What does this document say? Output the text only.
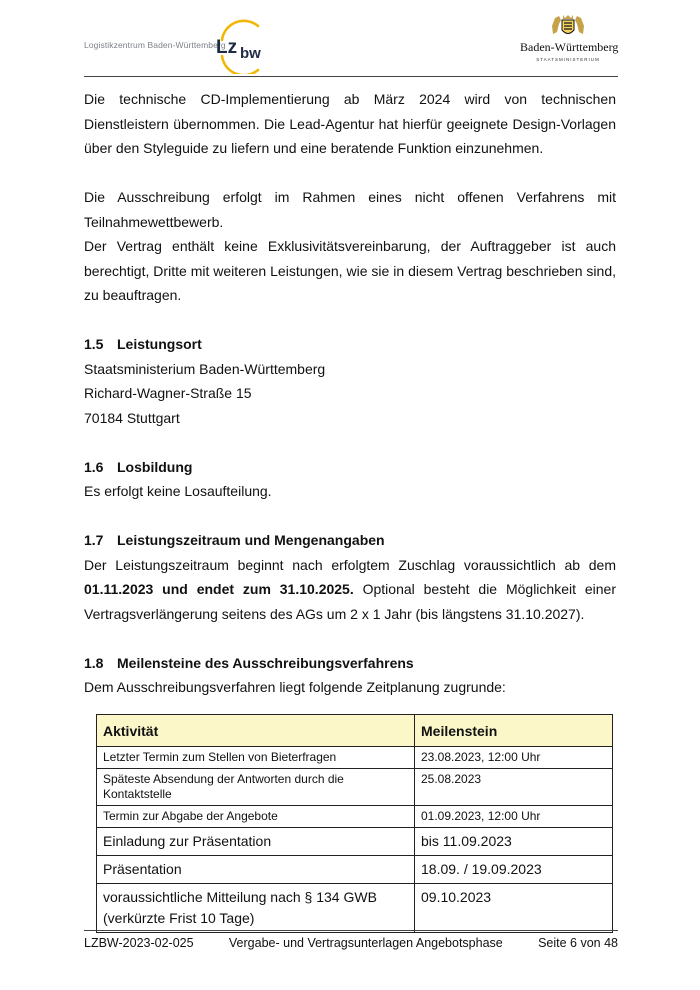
Logistikzentrum Baden-Württemberg
Lz bw	Baden-Württemberg
STAATSMINISTERIUM

Die technische CD-Implementierung ab März 2024 wird von technischen Dienstleistern übernommen. Die Lead-Agentur hat hierfür geeignete Design-Vorlagen über den Styleguide zu liefern und eine beratende Funktion einzunehmen.

Die Ausschreibung erfolgt im Rahmen eines nicht offenen Verfahrens mit Teilnahmewettbewerb.

Der Vertrag enthält keine Exklusivitätsvereinbarung, der Auftraggeber ist auch berechtigt, Dritte mit weiteren Leistungen, wie sie in diesem Vertrag beschrieben sind, zu beauftragen.

1.5 Leistungsort

Staatsministerium Baden-Württemberg

Richard-Wagner-Straße 15

70184 Stuttgart

1.6 Losbildung

Es erfolgt keine Losaufteilung.

1.7 Leistungszeitraum und Mengenangaben

Der Leistungszeitraum beginnt nach erfolgtem Zuschlag voraussichtlich ab dem 01.11.2023 und endet zum 31.10.2025. Optional besteht die Möglichkeit einer Vertragsverlängerung seitens des AGs um 2 x 1 Jahr (bis längstens 31.10.2027).

1.8 Meilensteine des Ausschreibungsverfahrens

Dem Ausschreibungsverfahren liegt folgende Zeitplanung zugrunde:

Aktivität	Meilenstein
Letzter Termin zum Stellen von Bieterfragen	23.08.2023, 12:00 Uhr
Späteste Absendung der Antworten durch die Kontaktstelle	25.08.2023
Termin zur Abgabe der Angebote	01.09.2023, 12:00 Uhr
Einladung zur Präsentation	bis 11.09.2023
Präsentation	18.09. / 19.09.2023
voraussichtliche Mitteilung nach § 134 GWB (verkürzte Frist 10 Tage)	09.10.2023
LZBW-2023-02-025	Vergabe- und Vertragsunterlagen Angebotsphase	Seite 6 von 48
